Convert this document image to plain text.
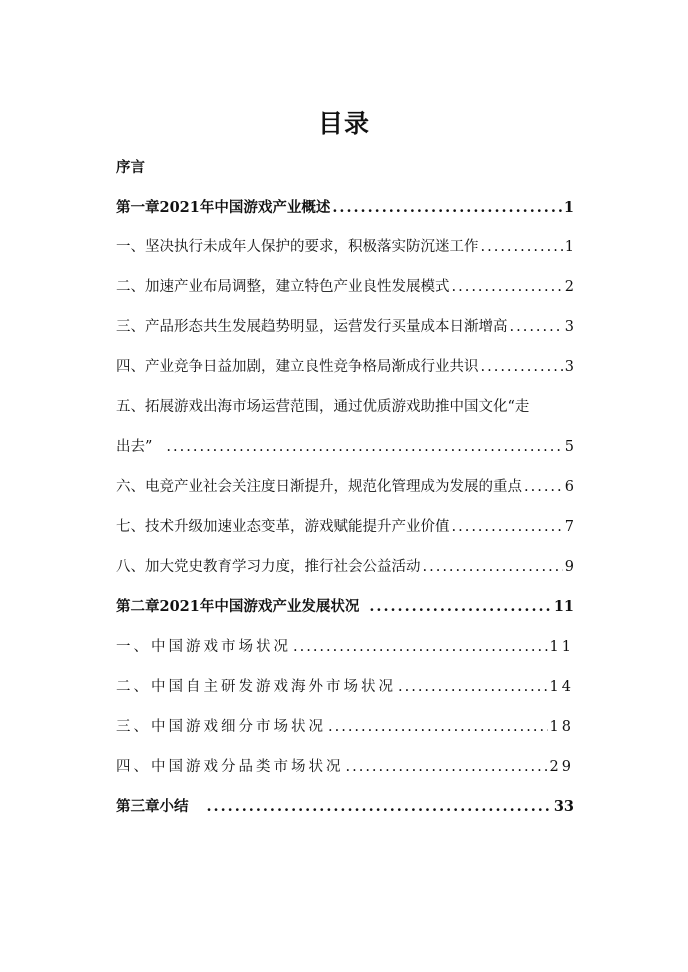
目录
序言
第一章2021年中国游戏产业概述 .....	1
一、坚决执行未成年人保护的要求，积极落实防沉迷工作 .....	1
二、加速产业布局调整，建立特色产业良性发展模式 .....	2
三、产品形态共生发展趋势明显，运营发行买量成本日渐增高 .....	3
四、产业竞争日益加剧，建立良性竞争格局渐成行业共识 .....	3
五、拓展游戏出海市场运营范围，通过优质游戏助推中国文化“走
出去” .....	5
六、电竞产业社会关注度日渐提升，规范化管理成为发展的重点 .....	6
七、技术升级加速业态变革，游戏赋能提升产业价值 .....	7
八、加大党史教育学习力度，推行社会公益活动 .....	9
第二章2021年中国游戏产业发展状况 .....	11
一、中国游戏市场状况 .....	11
二、中国自主研发游戏海外市场状况 .....	14
三、中国游戏细分市场状况 .....	18
四、中国游戏分品类市场状况 .....	29
第三章小结 .....	33
